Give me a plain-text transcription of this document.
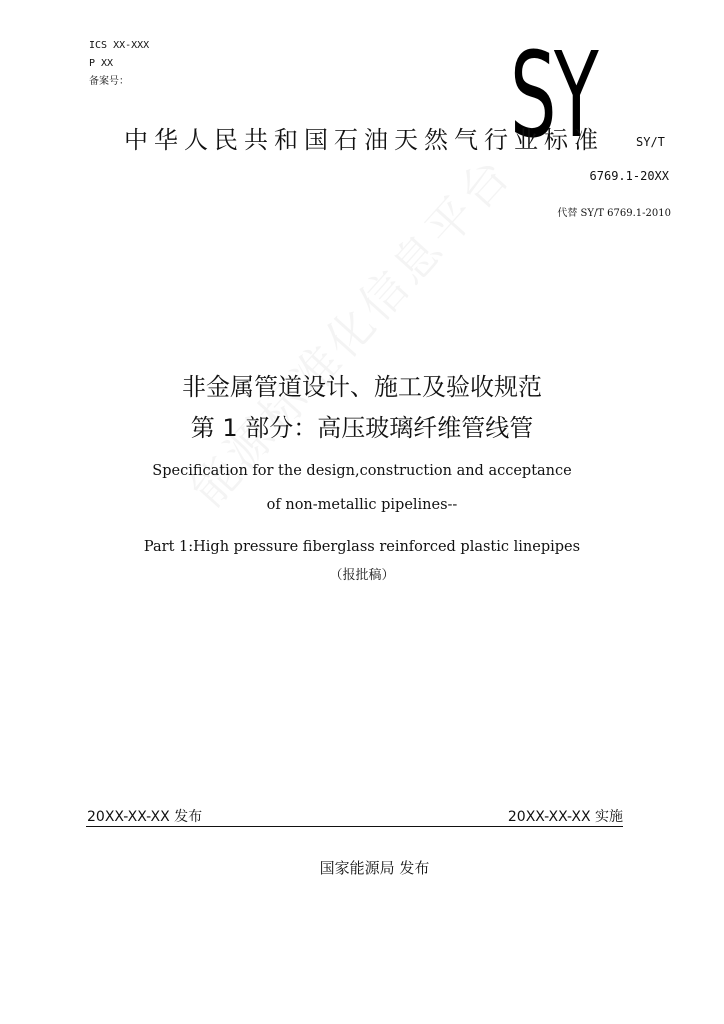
ICS XX-XXX
P XX
备案号：	SY
中华人民共和国石油天然气行业标准	SY/T
6769.1-20XX
代替 SY/T 6769.1-2010
非金属管道设计、施工及验收规范
第 1 部分：高压玻璃纤维管线管
Specification for the design,construction and acceptance
of non-metallic pipelines--
Part 1:High pressure fiberglass reinforced plastic linepipes
（报批稿）
20XX-XX-XX 发布	20XX-XX-XX 实施
国家能源局 发布
